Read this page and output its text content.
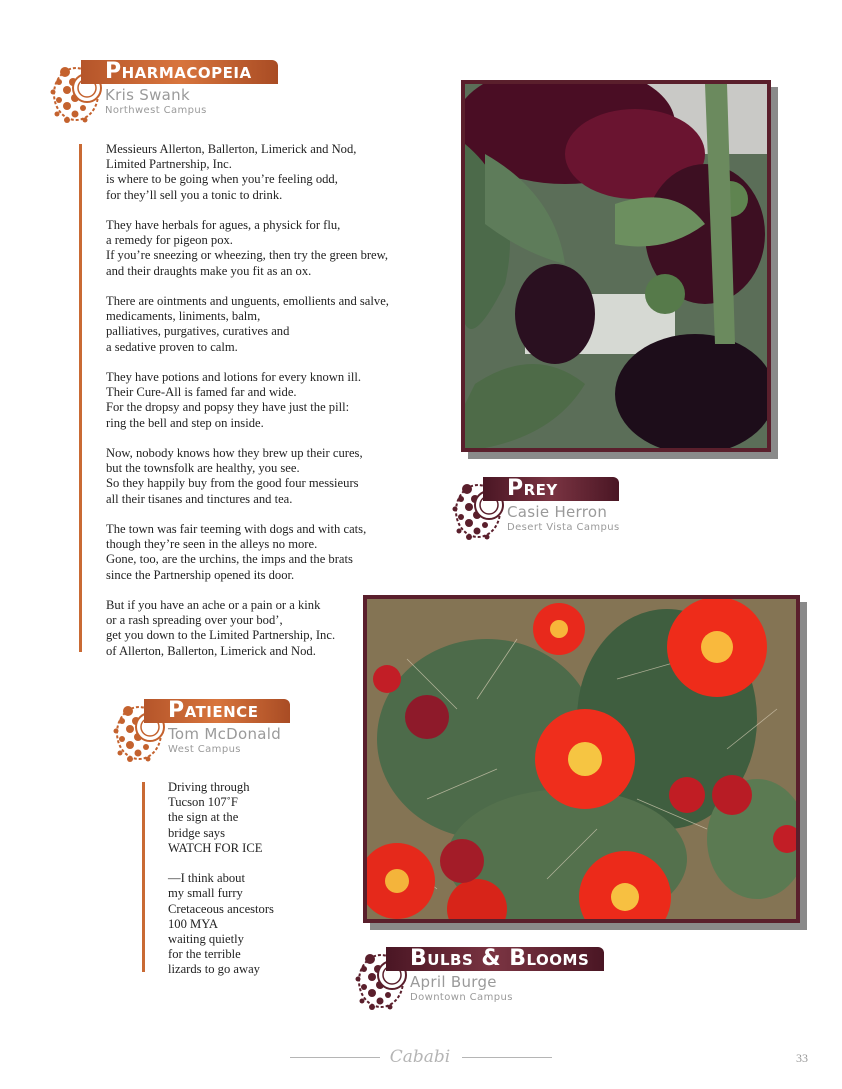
Pharmacopeia
Kris Swank
Northwest Campus
Messieurs Allerton, Ballerton, Limerick and Nod,
Limited Partnership, Inc.
is where to be going when you’re feeling odd,
for they’ll sell you a tonic to drink.
They have herbals for agues, a physick for flu,
a remedy for pigeon pox.
If you’re sneezing or wheezing, then try the green brew,
and their draughts make you fit as an ox.
There are ointments and unguents, emollients and salve,
medicaments, liniments, balm,
palliatives, purgatives, curatives and
a sedative proven to calm.
They have potions and lotions for every known ill.
Their Cure-All is famed far and wide.
For the dropsy and popsy they have just the pill:
ring the bell and step on inside.
Now, nobody knows how they brew up their cures,
but the townsfolk are healthy, you see.
So they happily buy from the good four messieurs
all their tisanes and tinctures and tea.
The town was fair teeming with dogs and with cats,
though they’re seen in the alleys no more.
Gone, too, are the urchins, the imps and the brats
since the Partnership opened its door.
But if you have an ache or a pain or a kink
or a rash spreading over your bod’,
get you down to the Limited Partnership, Inc.
of Allerton, Ballerton, Limerick and Nod.
Prey
Casie Herron
Desert Vista Campus
Patience
Tom McDonald
West Campus
Driving through
Tucson 107˚F
the sign at the
bridge says
WATCH FOR ICE
—I think about
my small furry
Cretaceous ancestors
100 MYA
waiting quietly
for the terrible
lizards to go away	Bulbs & Blooms
April Burge
Downtown Campus
Cababi	33
